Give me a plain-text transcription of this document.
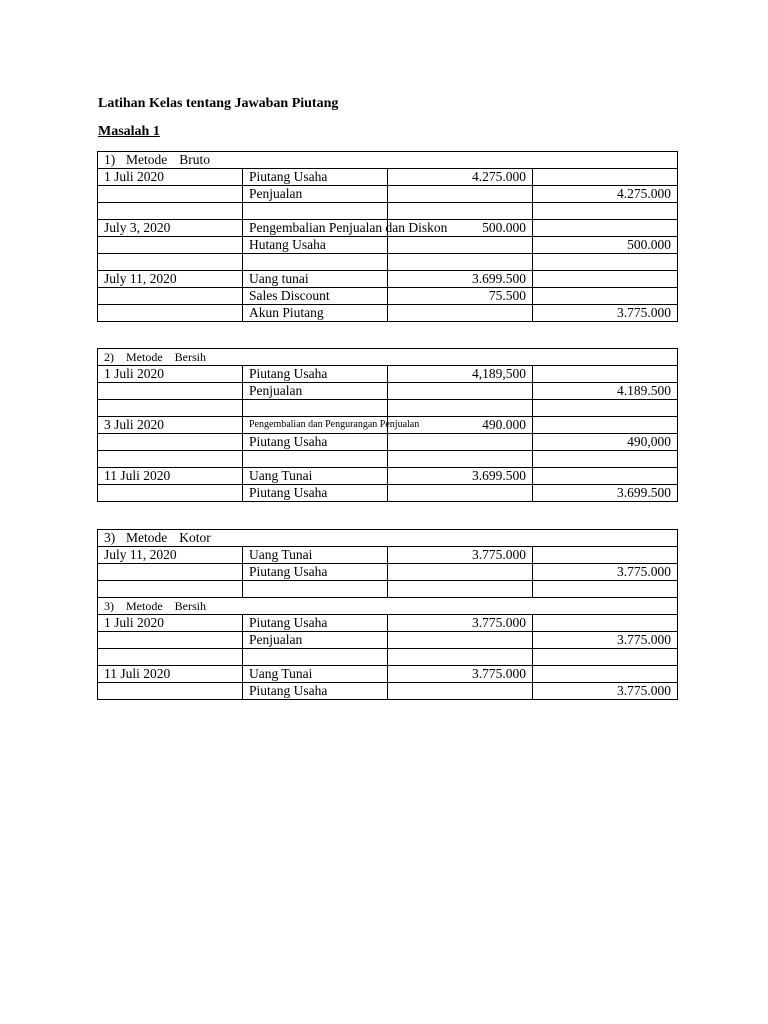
Latihan Kelas tentang Jawaban Piutang
Masalah 1
1) Metode Bruto			
1 Juli 2020	Piutang Usaha	4.275.000	
	Penjualan		4.275.000

July 3, 2020	Pengembalian Penjualan dan Diskon	500.000	
	Hutang Usaha		500.000

July 11, 2020	Uang tunai	3.699.500	
	Sales Discount	75.500	
	Akun Piutang		3.775.000
2) Metode Bersih			
1 Juli 2020	Piutang Usaha	4,189,500	
	Penjualan		4.189.500

3 Juli 2020	Pengembalian dan Pengurangan Penjualan	490.000	
	Piutang Usaha		490,000

11 Juli 2020	Uang Tunai	3.699.500	
	Piutang Usaha		3.699.500
3) Metode Kotor			
July 11, 2020	Uang Tunai	3.775.000	
	Piutang Usaha		3.775.000

3) Metode Bersih			
1 Juli 2020	Piutang Usaha	3.775.000	
	Penjualan		3.775.000

11 Juli 2020	Uang Tunai	3.775.000	
	Piutang Usaha		3.775.000
